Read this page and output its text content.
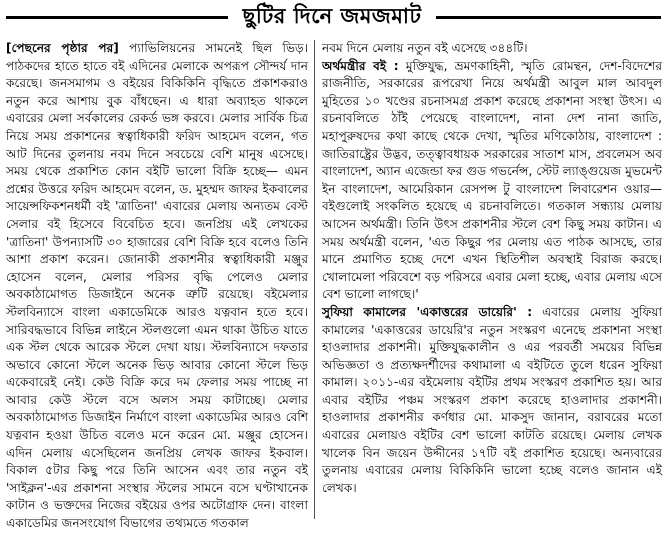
ছুটির দিনে জমজমাট

[পেছনের পৃষ্ঠার পর] প্যাভিলিয়নের সামনেই ছিল ভিড়। পাঠকদের হাতে হাতে বই এদিনের মেলাকে অপরূপ সৌন্দর্য দান করেছে। জনসমাগম ও বইয়ের বিকিকিনি বৃদ্ধিতে প্রকাশকরাও নতুন করে আশায় বুক বাঁধছেন। এ ধারা অব্যাহত থাকলে এবারের মেলা সর্বকালের রেকর্ড ভঙ্গ করবে। মেলার সার্বিক চিত্র নিয়ে সময় প্রকাশনের স্বত্বাধিকারী ফরিদ আহমেদ বলেন, গত আট দিনের তুলনায় নবম দিনে সবচেয়ে বেশি মানুষ এসেছে। সময় থেকে প্রকাশিত কোন বইটি ভালো বিক্রি হচ্ছে— এমন প্রশ্নের উত্তরে ফরিদ আহমেদ বলেন, ড. মুহম্মদ জাফর ইকবালের সায়েন্সফিকশনধর্মী বই 'ত্রাতিনা' এবারের মেলায় অন্যতম বেস্ট সেলার বই হিসেবে বিবেচিত হবে। জনপ্রিয় এই লেখকের 'ত্রাতিনা' উপন্যাসটি ৩০ হাজারের বেশি বিক্রি হবে বলেও তিনি আশা প্রকাশ করেন। জোনাকী প্রকাশনীর স্বত্বাধিকারী মঞ্জুর হোসেন বলেন, মেলার পরিসর বৃদ্ধি পেলেও মেলার অবকাঠামোগত ডিজাইনে অনেক ত্রুটি রয়েছে। বইমেলার স্টলবিন্যাসে বাংলা একাডেমিকে আরও যত্নবান হতে হবে। সারিবদ্ধভাবে বিভিন্ন লাইনে স্টলগুলো এমন থাকা উচিত যাতে এক স্টল থেকে আরেক স্টলে দেখা যায়। স্টলবিন্যাসে দফতার অভাবে কোনো স্টলে অনেক ভিড় আবার কোনো স্টলে ভিড় একেবারেই নেই। কেউ বিক্রি করে দম ফেলার সময় পাচ্ছে না আবার কেউ স্টলে বসে অলস সময় কাটাচ্ছে। মেলার অবকাঠামোগত ডিজাইন নির্মাণে বাংলা একাডেমির আরও বেশি যত্নবান হওয়া উচিত বলেও মনে করেন মো. মঞ্জুর হোসেন। এদিন মেলায় এসেছিলেন জনপ্রিয় লেখক জাফর ইকবাল। বিকাল ৫টার কিছু পরে তিনি আসেন এবং তার নতুন বই 'সাইক্লন'-এর প্রকাশনা সংস্থার স্টলের সামনে বসে ঘণ্টাখানেক কাটান ও ভক্তদের নিজের বইয়ের ওপর অটোগ্রাফ দেন। বাংলা একাডেমির জনসংযোগ বিভাগের তথ্যমতে গতকাল

নবম দিনে মেলায় নতুন বই এসেছে ৩৪৪টি।

অর্থমন্ত্রীর বই : মুক্তিযুদ্ধ, ভ্রমণকাহিনী, স্মৃতি রোমন্থন, দেশ-বিদেশের রাজনীতি, সরকারের রূপরেখা নিয়ে অর্থমন্ত্রী আবুল মাল আবদুল মুহিতের ১০ খণ্ডের রচনাসমগ্র প্রকাশ করেছে প্রকাশনা সংস্থা উৎস। এ রচনাবলিতে ঠাঁই পেয়েছে বাংলাদেশ, নানা দেশ নানা জাতি, মহাপুরুষদের কথা কাছে থেকে দেখা, স্মৃতির মণিকোঠায়, বাংলাদেশ : জাতিরাষ্ট্রের উদ্ভব, তত্ত্বাবধায়ক সরকারের সাতাশ মাস, প্রবলেমস অব বাংলাদেশ, অ্যান এজেন্ডা ফর গুড গভর্নেন্স, স্টেট ল্যাঙ্গুয়েজ মুভমেন্ট ইন বাংলাদেশ, আমেরিকান রেসপন্স টু বাংলাদেশ লিবারেশন ওয়ার— বইগুলোই সংকলিত হয়েছে এ রচনাবলিতে। গতকাল সন্ধ্যায় মেলায় আসেন অর্থমন্ত্রী। তিনি উৎস প্রকাশনীর স্টলে বেশ কিছু সময় কাটান। এ সময় অর্থমন্ত্রী বলেন, 'এত কিছুর পর মেলায় এত পাঠক আসছে, তার মানে প্রমাণিত হচ্ছে দেশে এখন স্থিতিশীল অবস্থাই বিরাজ করছে। খোলামেলা পরিবেশে বড় পরিসরে এবার মেলা হচ্ছে, এবার মেলায় এসে বেশ ভালো লাগছে।'

সুফিয়া কামালের 'একাত্তরের ডায়েরি' : এবারের মেলায় সুফিয়া কামালের 'একাত্তরের ডায়েরি'র নতুন সংস্করণ এনেছে প্রকাশনা সংস্থা হাওলাদার প্রকাশনী। মুক্তিযুদ্ধকালীন ও এর পরবর্তী সময়ের বিভিন্ন অভিজ্ঞতা ও প্রত্যক্ষদর্শীদের কথামালা এ বইটিতে তুলে ধরেন সুফিয়া কামাল। ২০১১-এর বইমেলায় বইটির প্রথম সংস্করণ প্রকাশিত হয়। আর এবার বইটির পঞ্চম সংস্করণ প্রকাশ করেছে হাওলাদার প্রকাশনী। হাওলাদার প্রকাশনীর কর্ণধার মো. মাকসুদ জানান, বরাবরের মতো এবারের মেলায়ও বইটির বেশ ভালো কাটতি রয়েছে। মেলায় লেখক খালেক বিন জয়েন উদ্দীনের ১৭টি বই প্রকাশিত হয়েছে। অন্যবারের তুলনায় এবারের মেলায় বিকিকিনি ভালো হচ্ছে বলেও জানান এই লেখক।
